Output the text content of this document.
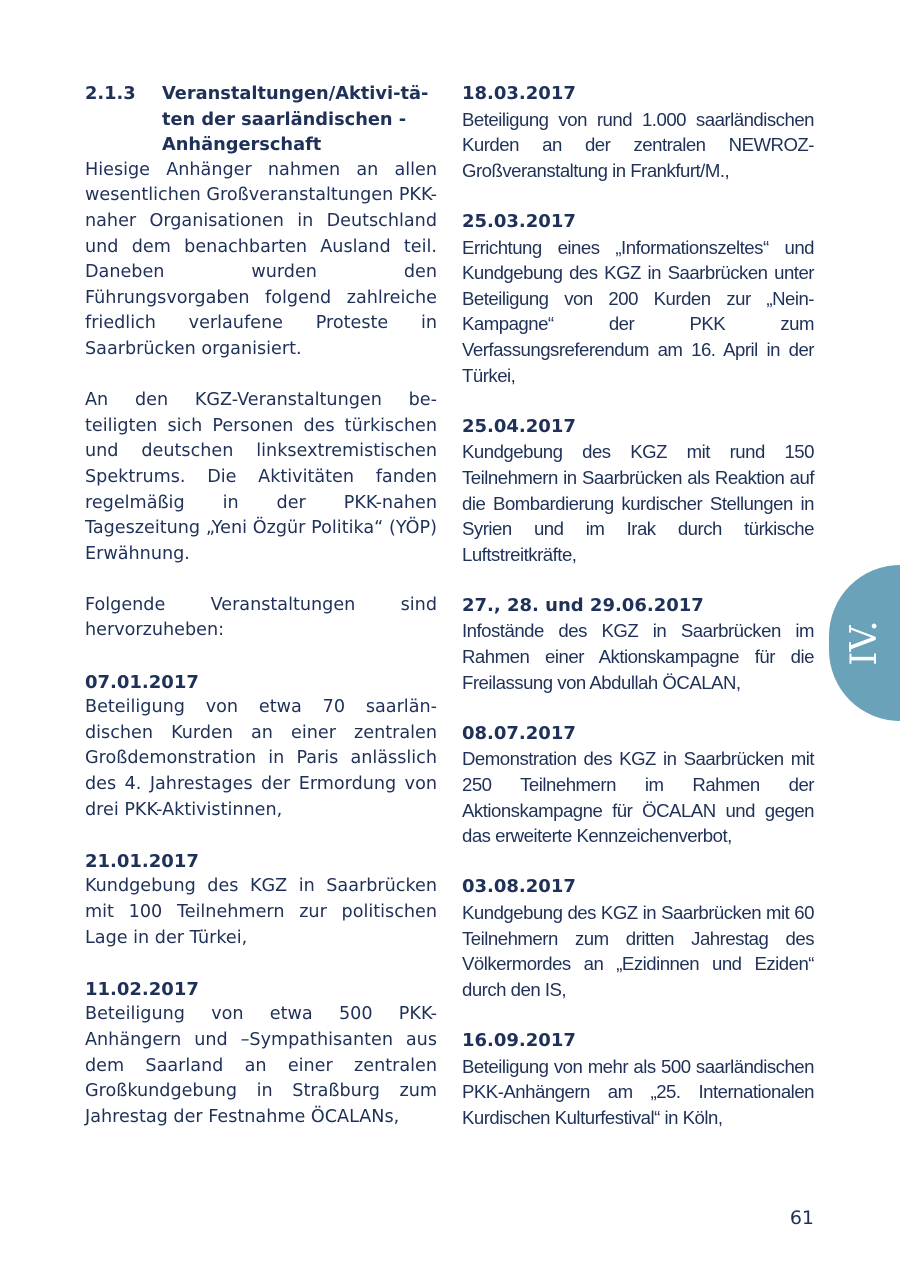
2.1.3	Veranstaltungen/Aktivi-tä-
ten der saarländischen -
Anhängerschaft

Hiesige Anhänger nahmen an allen wesentlichen Großveranstaltungen PKK-naher Organisationen in Deutschland und dem benachbarten Ausland teil. Daneben wurden den Führungsvorgaben folgend zahlreiche friedlich verlaufene Proteste in Saarbrücken organisiert.

An den KGZ-Veranstaltungen beteiligten sich Personen des türkischen und deutschen linksextremistischen Spektrums. Die Aktivitäten fanden regelmäßig in der PKK-nahen Tageszeitung „Yeni Özgür Politika“ (YÖP) Erwähnung.

Folgende Veranstaltungen sind hervorzuheben:

07.01.2017

Beteiligung von etwa 70 saarländischen Kurden an einer zentralen Großdemonstration in Paris anlässlich des 4. Jahrestages der Ermordung von drei PKK-Aktivistinnen,

21.01.2017

Kundgebung des KGZ in Saarbrücken mit 100 Teilnehmern zur politischen Lage in der Türkei,

11.02.2017

Beteiligung von etwa 500 PKK-Anhängern und –Sympathisanten aus dem Saarland an einer zentralen Großkundgebung in Straßburg zum Jahrestag der Festnahme ÖCALANs,

18.03.2017

Beteiligung von rund 1.000 saarländischen Kurden an der zentralen NEWROZ-Großveranstaltung in Frankfurt/M.,

25.03.2017

Errichtung eines „Informationszeltes“ und Kundgebung des KGZ in Saarbrücken unter Beteiligung von 200 Kurden zur „Nein-Kampagne“ der PKK zum Verfassungsreferendum am 16. April in der Türkei,

25.04.2017

Kundgebung des KGZ mit rund 150 Teilnehmern in Saarbrücken als Reaktion auf die Bombardierung kurdischer Stellungen in Syrien und im Irak durch türkische Luftstreitkräfte,

27., 28. und 29.06.2017

Infostände des KGZ in Saarbrücken im Rahmen einer Aktionskampagne für die Freilassung von Abdullah ÖCALAN,

08.07.2017

Demonstration des KGZ in Saarbrücken mit 250 Teilnehmern im Rahmen der Aktionskampagne für ÖCALAN und gegen das erweiterte Kennzeichenverbot,

03.08.2017

Kundgebung des KGZ in Saarbrücken mit 60 Teilnehmern zum dritten Jahrestag des Völkermordes an „Ezidinnen und Eziden“ durch den IS,

16.09.2017

Beteiligung von mehr als 500 saarländischen PKK-Anhängern am „25. Internationalen Kurdischen Kulturfestival“ in Köln,

IV.
61
